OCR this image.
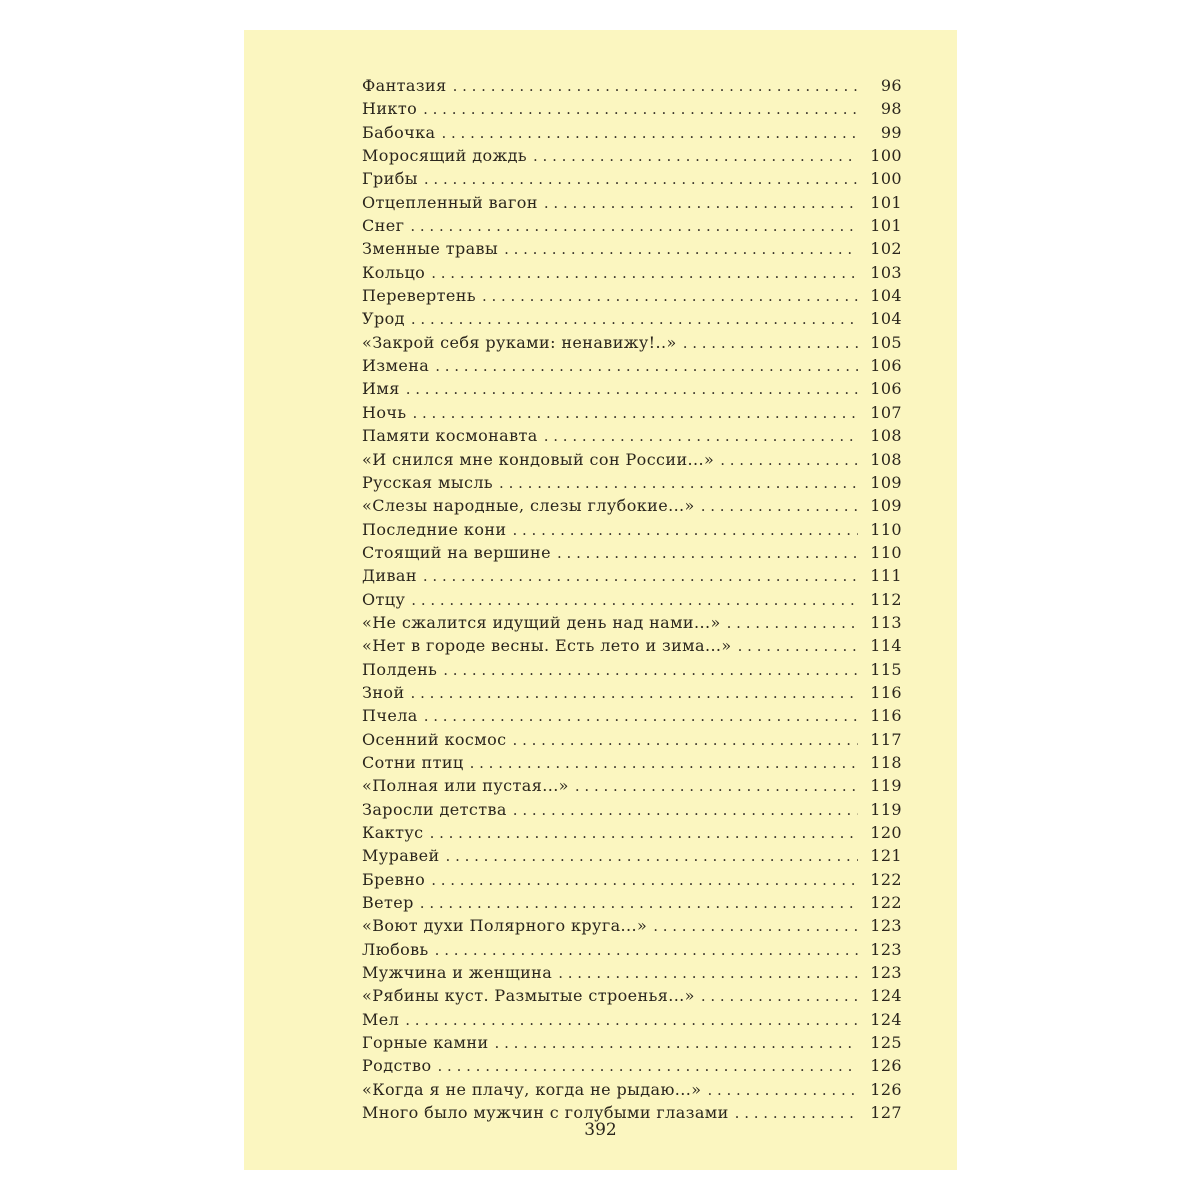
Фантазия . . .	96
Никто . . .	98
Бабочка . . .	99
Моросящий дождь . . .	100
Грибы . . .	100
Отцепленный вагон . . .	101
Снег . . .	101
Зменные травы . . .	102
Кольцо . . .	103
Перевертень . . .	104
Урод . . .	104
«Закрой себя руками: ненавижу!..» . . .	105
Измена . . .	106
Имя . . .	106
Ночь . . .	107
Памяти космонавта . . .	108
«И снился мне кондовый сон России...» . . .	108
Русская мысль . . .	109
«Слезы народные, слезы глубокие...» . . .	109
Последние кони . . .	110
Стоящий на вершине . . .	110
Диван . . .	111
Отцу . . .	112
«Не сжалится идущий день над нами...» . . .	113
«Нет в городе весны. Есть лето и зима...» . . .	114
Полдень . . .	115
Зной . . .	116
Пчела . . .	116
Осенний космос . . .	117
Сотни птиц . . .	118
«Полная или пустая...» . . .	119
Заросли детства . . .	119
Кактус . . .	120
Муравей . . .	121
Бревно . . .	122
Ветер . . .	122
«Воют духи Полярного круга...» . . .	123
Любовь . . .	123
Мужчина и женщина . . .	123
«Рябины куст. Размытые строенья...» . . .	124
Мел . . .	124
Горные камни . . .	125
Родство . . .	126
«Когда я не плачу, когда не рыдаю...» . . .	126
Много было мужчин с голубыми глазами . . .	127
392
